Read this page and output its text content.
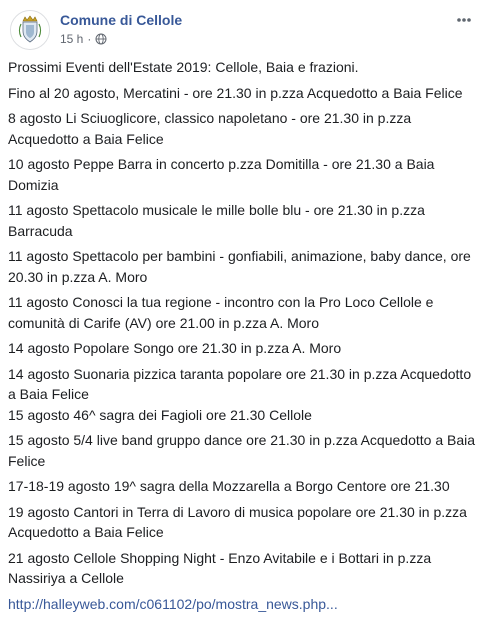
Comune di Cellole
15 h ·

Prossimi Eventi dell'Estate 2019: Cellole, Baia e frazioni.

Fino al 20 agosto, Mercatini - ore 21.30 in p.zza Acquedotto a Baia Felice

8 agosto Li Sciuoglicore, classico napoletano - ore 21.30 in p.zza Acquedotto a Baia Felice

10 agosto Peppe Barra in concerto p.zza Domitilla - ore 21.30 a Baia Domizia

11 agosto Spettacolo musicale le mille bolle blu - ore 21.30 in p.zza Barracuda

11 agosto Spettacolo per bambini - gonfiabili, animazione, baby dance, ore 20.30 in p.zza A. Moro

11 agosto Conosci la tua regione - incontro con la Pro Loco Cellole e comunità di Carife (AV) ore 21.00 in p.zza A. Moro

14 agosto Popolare Songo ore 21.30 in p.zza A. Moro

14 agosto Suonaria pizzica taranta popolare ore 21.30 in p.zza Acquedotto a Baia Felice

15 agosto 46^ sagra dei Fagioli ore 21.30 Cellole

15 agosto 5/4 live band gruppo dance ore 21.30 in p.zza Acquedotto a Baia Felice

17-18-19 agosto 19^ sagra della Mozzarella a Borgo Centore ore 21.30

19 agosto Cantori in Terra di Lavoro di musica popolare ore 21.30 in p.zza Acquedotto a Baia Felice

21 agosto Cellole Shopping Night - Enzo Avitabile e i Bottari in p.zza Nassiriya a Cellole

http://halleyweb.com/c061102/po/mostra_news.php...
